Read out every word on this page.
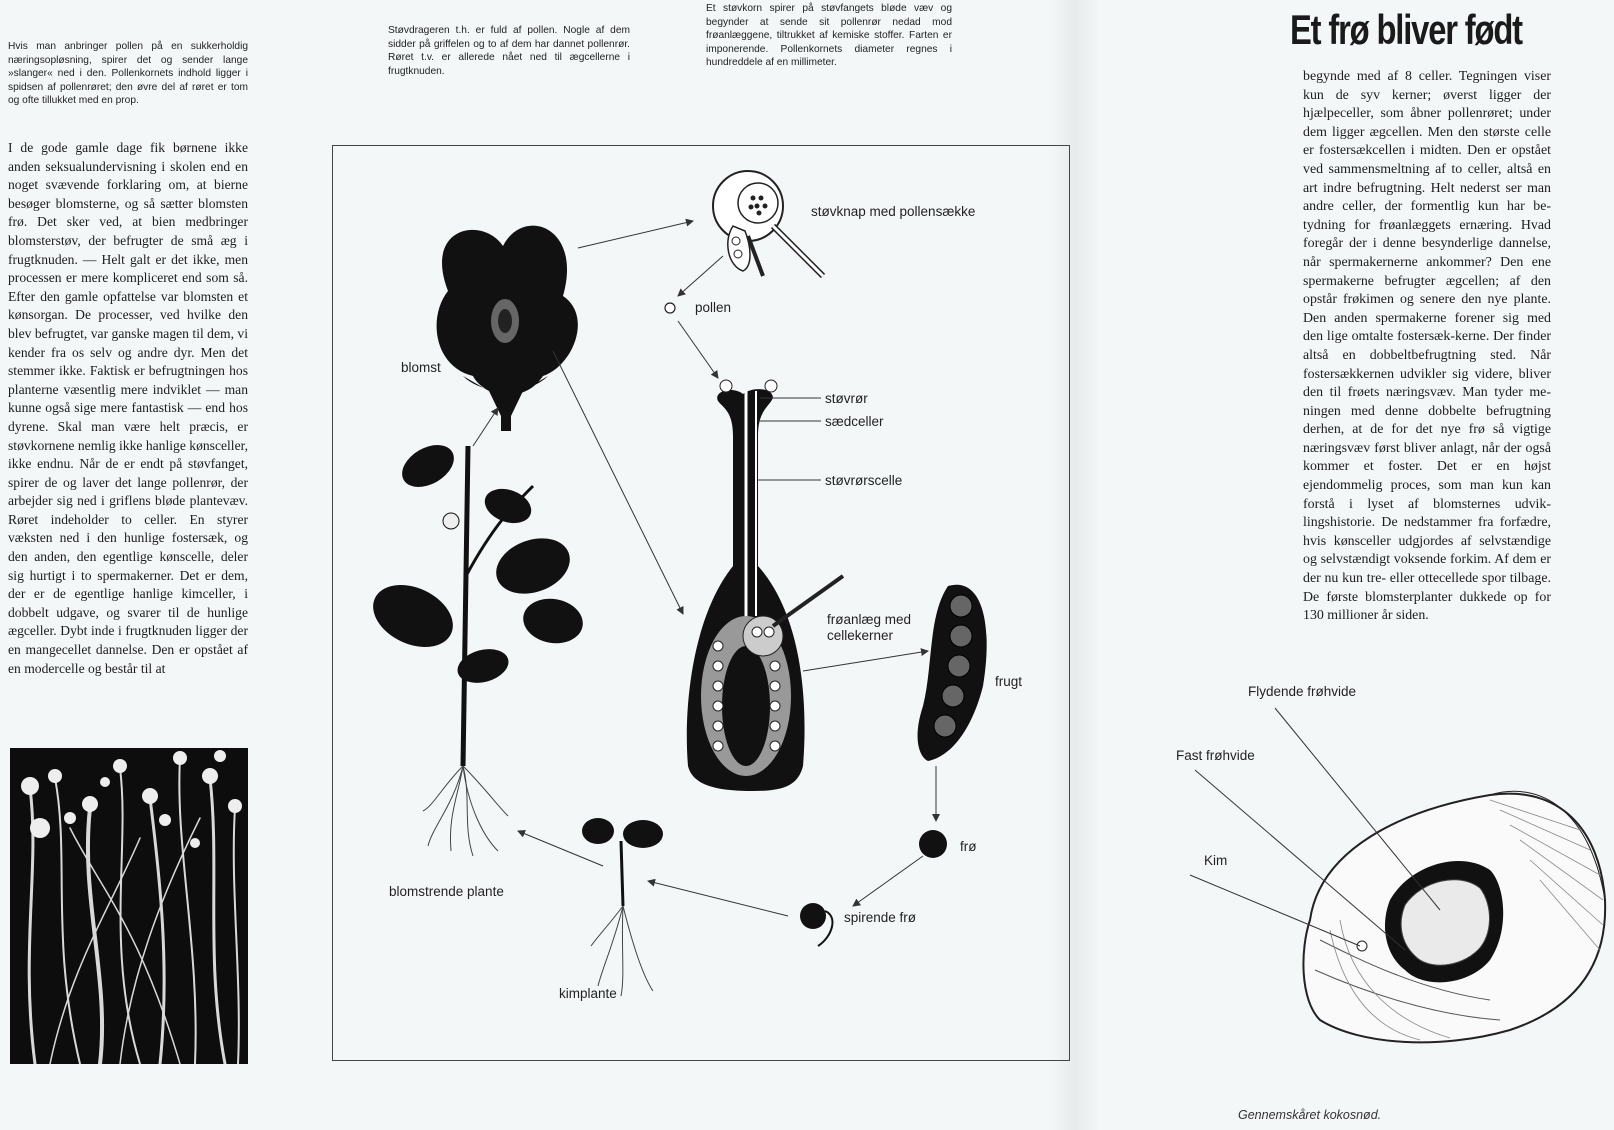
Hvis man anbringer pollen på en sukkerholdig næringsopløsning, spirer det og sender lange »slanger« ned i den. Pollenkornets indhold ligger i spidsen af pollenrøret; den øvre del af røret er tom og ofte tillukket med en prop.
Støvdrageren t.h. er fuld af pollen. Nogle af dem sidder på griffelen og to af dem har dannet pollenrør. Røret t.v. er allerede nået ned til ægcellerne i frugtknuden.
Et støvkorn spirer på støvfangets bløde væv og begynder at sende sit pollenrør nedad mod frøanlæggene, tiltrukket af kemiske stoffer. Farten er imponerende. Pollenkornets diameter regnes i hundreddele af en millimeter.
Et frø bliver født
I de gode gamle dage fik børnene ikke anden seksualundervisning i skolen end en noget svævende forklaring om, at bierne besøger blomsterne, og så sætter blomsten frø. Det sker ved, at bien medbringer blomsterstøv, der befrugter de små æg i frugtknuden. — Helt galt er det ikke, men processen er mere kompliceret end som så. Efter den gamle opfattelse var blomsten et kønsorgan. De processer, ved hvilke den blev befrugtet, var ganske magen til dem, vi kender fra os selv og andre dyr. Men det stemmer ikke. Faktisk er befrugtningen hos planterne væsentlig mere indviklet — man kunne også sige mere fantastisk — end hos dyrene. Skal man være helt præcis, er støvkornene nemlig ikke hanlige kønsceller, ikke endnu. Når de er endt på støvfanget, spirer de og laver det lange pollenrør, der arbejder sig ned i griflens bløde plantevæv. Røret indeholder to celler. En styrer væksten ned i den hunlige fostersæk, og den anden, den egentlige kønscelle, deler sig hurtigt i to spermakerner. Det er dem, der er de egentlige hanlige kimceller, i dobbelt udgave, og svarer til de hunlige ægceller. Dybt inde i frugtknuden ligger der en mangecellet dannelse. Den er opstået af en modercelle og består til at
begynde med af 8 celler. Tegningen viser kun de syv kerner; øverst ligger der hjælpeceller, som åbner pollenrøret; under dem ligger ægcellen. Men den største celle er fostersækcellen i midten. Den er opstået ved sammensmeltning af to celler, altså en art indre befrugtning. Helt nederst ser man andre celler, der formentlig kun har betydning for frøanlæggets ernæring. Hvad foregår der i denne besynderlige dannelse, når spermakernerne ankommer? Den ene spermakerne befrugter ægcellen; af den opstår frøkimen og senere den nye plante. Den anden spermakerne forener sig med den lige omtalte fostersæk-kerne. Der finder altså en dobbeltbefrugtning sted. Når fostersækkernen udvikler sig videre, bliver den til frøets næringsvæv. Man tyder meningen med denne dobbelte befrugtning derhen, at de for det nye frø så vigtige næringsvæv først bliver anlagt, når der også kommer et foster. Det er en højst ejendommelig proces, som man kun kan forstå i lyset af blomsternes udviklingshistorie. De nedstammer fra forfædre, hvis kønsceller udgjordes af selvstændige og selvstændigt voksende forkim. Af dem er der nu kun tre- eller ottecellede spor tilbage. De første blomsterplanter dukkede op for 130 millioner år siden.
støvknap med pollensække
pollen
blomst
støvrør
sædceller
støvrørscelle
frøanlæg med cellekerner
frugt
frø
spirende frø
kimplante
blomstrende plante
Flydende frøhvide
Fast frøhvide
Kim
Gennemskåret kokosnød.
